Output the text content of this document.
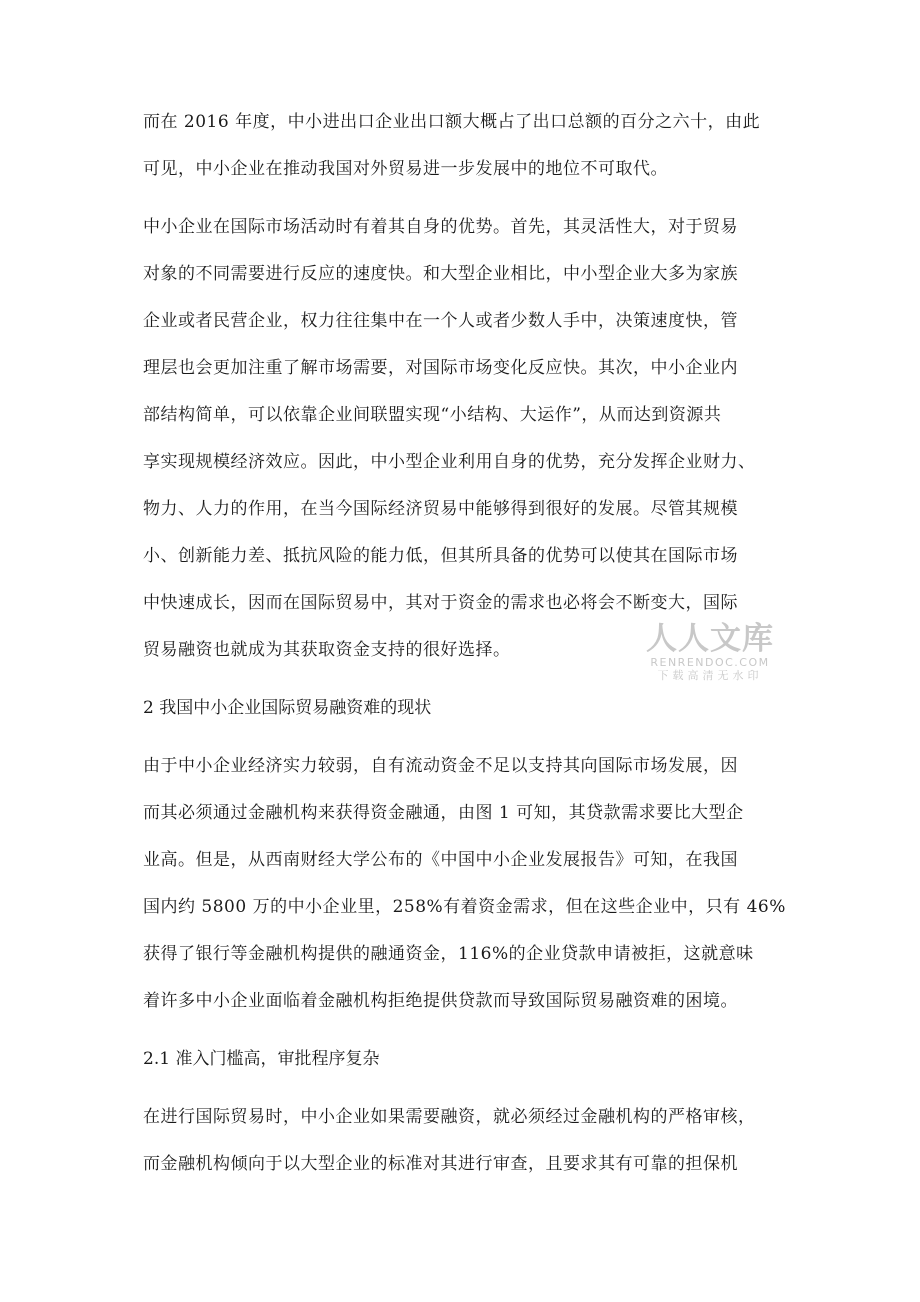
而在 2016 年度，中小进出口企业出口额大概占了出口总额的百分之六十，由此
可见，中小企业在推动我国对外贸易进一步发展中的地位不可取代。
中小企业在国际市场活动时有着其自身的优势。首先，其灵活性大，对于贸易
对象的不同需要进行反应的速度快。和大型企业相比，中小型企业大多为家族
企业或者民营企业，权力往往集中在一个人或者少数人手中，决策速度快，管
理层也会更加注重了解市场需要，对国际市场变化反应快。其次，中小企业内
部结构简单，可以依靠企业间联盟实现“小结构、大运作”，从而达到资源共
享实现规模经济效应。因此，中小型企业利用自身的优势，充分发挥企业财力、
物力、人力的作用，在当今国际经济贸易中能够得到很好的发展。尽管其规模
小、创新能力差、抵抗风险的能力低，但其所具备的优势可以使其在国际市场
中快速成长，因而在国际贸易中，其对于资金的需求也必将会不断变大，国际
贸易融资也就成为其获取资金支持的很好选择。
2 我国中小企业国际贸易融资难的现状
由于中小企业经济实力较弱，自有流动资金不足以支持其向国际市场发展，因
而其必须通过金融机构来获得资金融通，由图 1 可知，其贷款需求要比大型企
业高。但是，从西南财经大学公布的《中国中小企业发展报告》可知，在我国
国内约 5800 万的中小企业里，258%有着资金需求，但在这些企业中，只有 46%
获得了银行等金融机构提供的融通资金，116%的企业贷款申请被拒，这就意味
着许多中小企业面临着金融机构拒绝提供贷款而导致国际贸易融资难的困境。
2.1 准入门槛高，审批程序复杂
在进行国际贸易时，中小企业如果需要融资，就必须经过金融机构的严格审核，
而金融机构倾向于以大型企业的标准对其进行审查，且要求其有可靠的担保机
人人文库
RENRENDOC.COM
下载高清无水印
